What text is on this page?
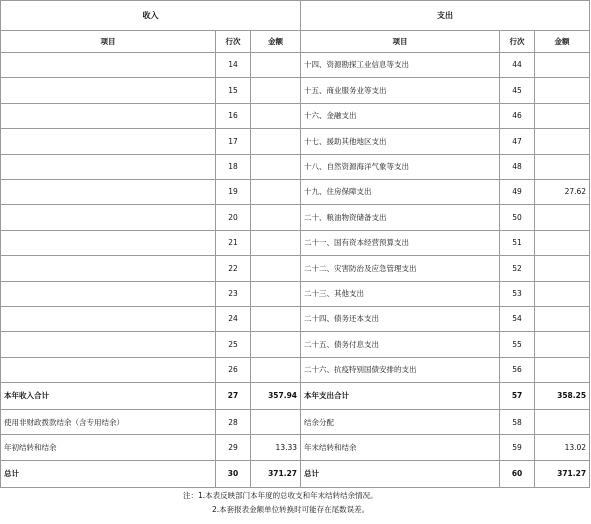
收入			支出		
项目	行次	金额	项目	行次	金额
	14		十四、资源勘探工业信息等支出	44	
	15		十五、商业服务业等支出	45	
	16		十六、金融支出	46	
	17		十七、援助其他地区支出	47	
	18		十八、自然资源海洋气象等支出	48	
	19		十九、住房保障支出	49	27.62
	20		二十、粮油物资储备支出	50	
	21		二十一、国有资本经营预算支出	51	
	22		二十二、灾害防治及应急管理支出	52	
	23		二十三、其他支出	53	
	24		二十四、债务还本支出	54	
	25		二十五、债务付息支出	55	
	26		二十六、抗疫特别国债安排的支出	56	
本年收入合计	27	357.94	本年支出合计	57	358.25
使用非财政拨款结余（含专用结余）	28		结余分配	58	
年初结转和结余	29	13.33	年末结转和结余	59	13.02
总计	30	371.27	总计	60	371.27
注：1.本表反映部门本年度的总收支和年末结转结余情况。
2.本套报表金额单位转换时可能存在尾数误差。
